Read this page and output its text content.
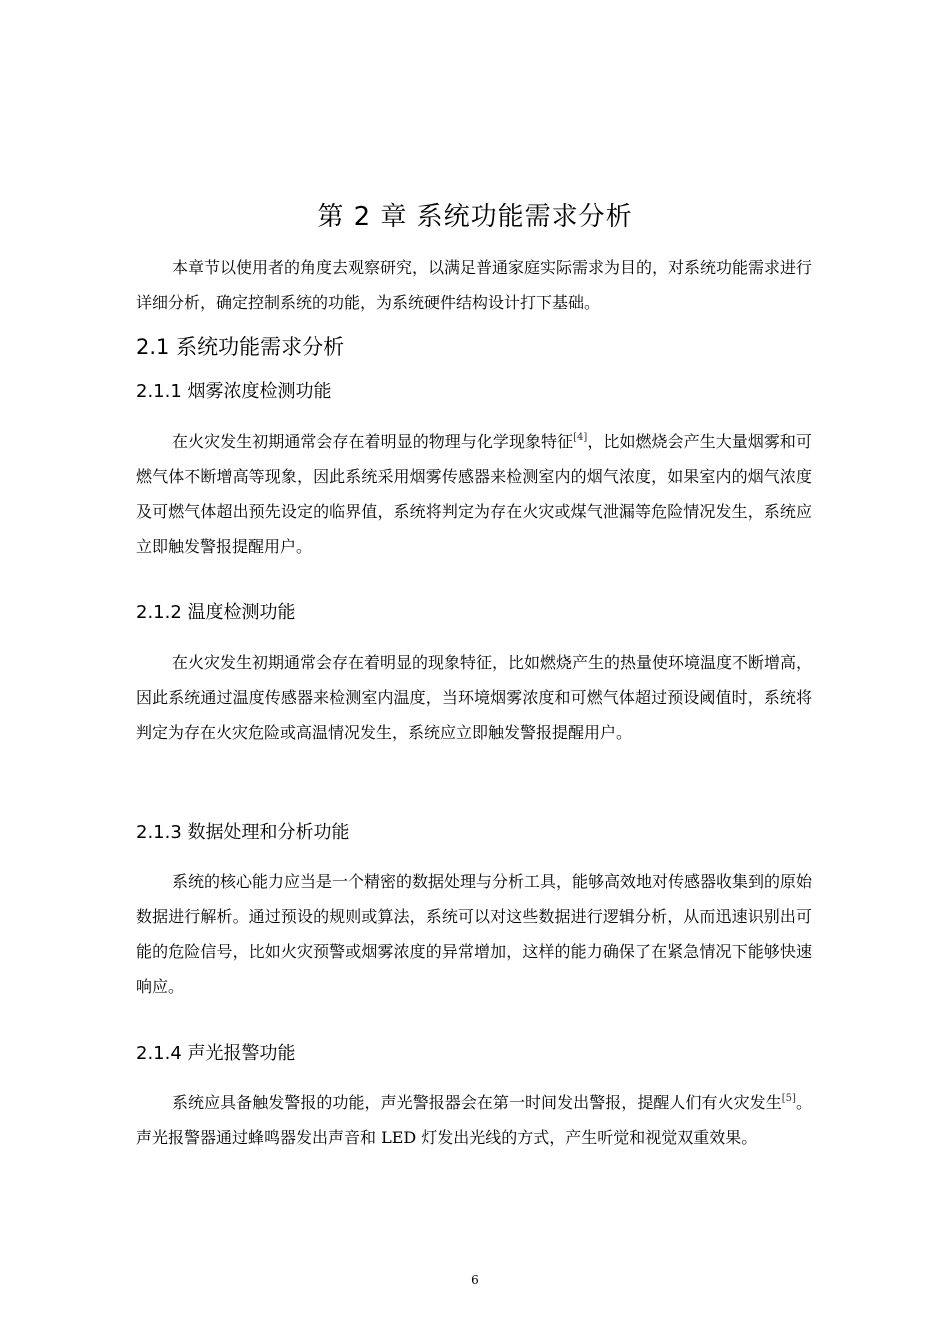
第 2 章 系统功能需求分析

本章节以使用者的角度去观察研究，以满足普通家庭实际需求为目的，对系统功能需求进行详细分析，确定控制系统的功能，为系统硬件结构设计打下基础。

2.1 系统功能需求分析
2.1.1 烟雾浓度检测功能

在火灾发生初期通常会存在着明显的物理与化学现象特征[4]，比如燃烧会产生大量烟雾和可燃气体不断增高等现象，因此系统采用烟雾传感器来检测室内的烟气浓度，如果室内的烟气浓度及可燃气体超出预先设定的临界值，系统将判定为存在火灾或煤气泄漏等危险情况发生，系统应立即触发警报提醒用户。

2.1.2 温度检测功能

在火灾发生初期通常会存在着明显的现象特征，比如燃烧产生的热量使环境温度不断增高，因此系统通过温度传感器来检测室内温度，当环境烟雾浓度和可燃气体超过预设阈值时，系统将判定为存在火灾危险或高温情况发生，系统应立即触发警报提醒用户。

2.1.3 数据处理和分析功能

系统的核心能力应当是一个精密的数据处理与分析工具，能够高效地对传感器收集到的原始数据进行解析。通过预设的规则或算法，系统可以对这些数据进行逻辑分析，从而迅速识别出可能的危险信号，比如火灾预警或烟雾浓度的异常增加，这样的能力确保了在紧急情况下能够快速响应。

2.1.4 声光报警功能

系统应具备触发警报的功能，声光警报器会在第一时间发出警报，提醒人们有火灾发生[5]。声光报警器通过蜂鸣器发出声音和 LED 灯发出光线的方式，产生听觉和视觉双重效果。

6
